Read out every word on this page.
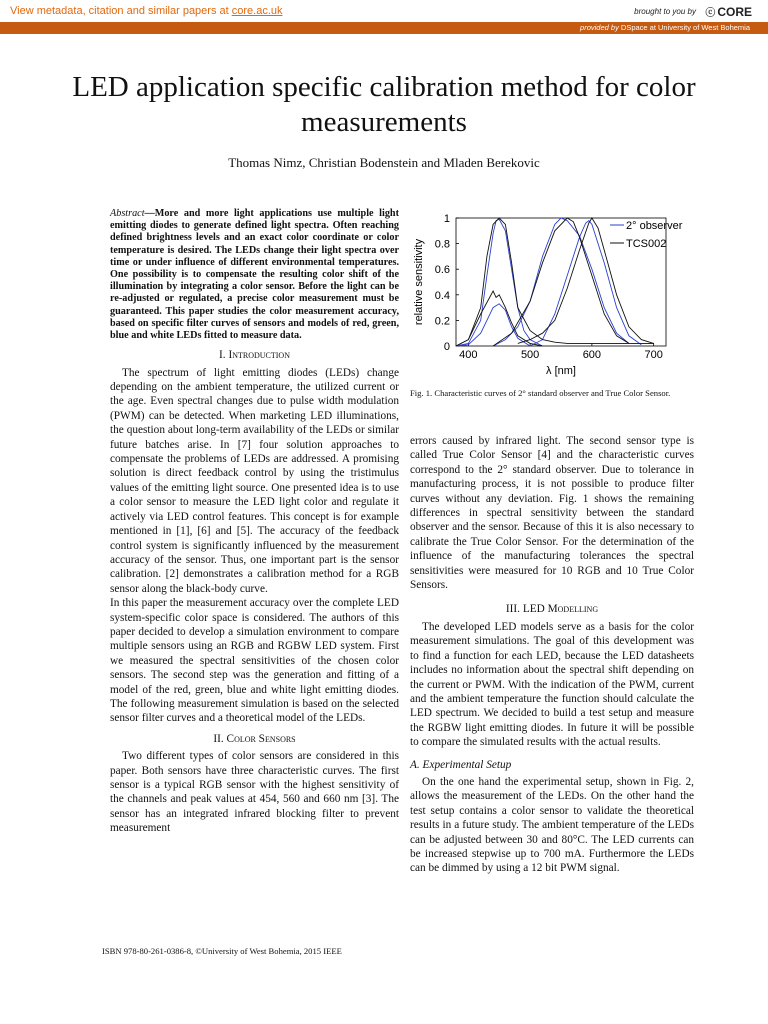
View metadata, citation and similar papers at core.ac.uk	brought to you by ⓒ CORE
provided by DSpace at University of West Bohemia
LED application specific calibration method for color measurements
Thomas Nimz, Christian Bodenstein and Mladen Berekovic

Abstract—More and more light applications use multiple light emitting diodes to generate defined light spectra. Often reaching defined brightness levels and an exact color coordinate or color temperature is desired. The LEDs change their light spectra over time or under influence of different environmental temperatures. One possibility is to compensate the resulting color shift of the illumination by integrating a color sensor. Before the light can be re-adjusted or regulated, a precise color measurement must be guaranteed. This paper studies the color measurement accuracy, based on specific filter curves of sensors and models of red, green, blue and white LEDs fitted to measure data.

I. Introduction

The spectrum of light emitting diodes (LEDs) change depending on the ambient temperature, the utilized current or the age. Even spectral changes due to pulse width modulation (PWM) can be detected. When marketing LED illuminations, the question about long-term availability of the LEDs or similar future batches arise. In [7] four solution approaches to compensate the problems of LEDs are addressed. A promising solution is direct feedback control by using the tristimulus values of the emitting light source. One presented idea is to use a color sensor to measure the LED light color and regulate it actively via LED control features. This concept is for example mentioned in [1], [6] and [5]. The accuracy of the feedback control system is significantly influenced by the measurement accuracy of the sensor. Thus, one important part is the sensor calibration. [2] demonstrates a calibration method for a RGB sensor along the black-body curve.

In this paper the measurement accuracy over the complete LED system-specific color space is considered. The authors of this paper decided to develop a simulation environment to compare multiple sensors using an RGB and RGBW LED system. First we measured the spectral sensitivities of the chosen color sensors. The second step was the generation and fitting of a model of the red, green, blue and white light emitting diodes. The following measurement simulation is based on the selected sensor filter curves and a theoretical model of the LEDs.

II. Color Sensors

Two different types of color sensors are considered in this paper. Both sensors have three characteristic curves. The first sensor is a typical RGB sensor with the highest sensitivity of the channels and peak values at 454, 560 and 660 nm [3]. The sensor has an integrated infrared blocking filter to prevent measurement

400	500	600	700
0
0.2
0.4
0.6
0.8
1
λ [nm]
relative sensitivity
2° observer
TCS002
Fig. 1. Characteristic curves of 2° standard observer and True Color Sensor.

errors caused by infrared light. The second sensor type is called True Color Sensor [4] and the characteristic curves correspond to the 2° standard observer. Due to tolerance in manufacturing process, it is not possible to produce filter curves without any deviation. Fig. 1 shows the remaining differences in spectral sensitivity between the standard observer and the sensor. Because of this it is also necessary to calibrate the True Color Sensor. For the determination of the influence of the manufacturing tolerances the spectral sensitivities were measured for 10 RGB and 10 True Color Sensors.

III. LED Modelling

The developed LED models serve as a basis for the color measurement simulations. The goal of this development was to find a function for each LED, because the LED datasheets includes no information about the spectral shift depending on the current or PWM. With the indication of the PWM, current and the ambient temperature the function should calculate the LED spectrum. We decided to build a test setup and measure the RGBW light emitting diodes. In future it will be possible to compare the simulated results with the actual results.

A. Experimental Setup

On the one hand the experimental setup, shown in Fig. 2, allows the measurement of the LEDs. On the other hand the test setup contains a color sensor to validate the theoretical results in a future study. The ambient temperature of the LEDs can be adjusted between 30 and 80°C. The LED currents can be increased stepwise up to 700 mA. Furthermore the LEDs can be dimmed by using a 12 bit PWM signal.

ISBN 978-80-261-0386-8, ©University of West Bohemia, 2015 IEEE
